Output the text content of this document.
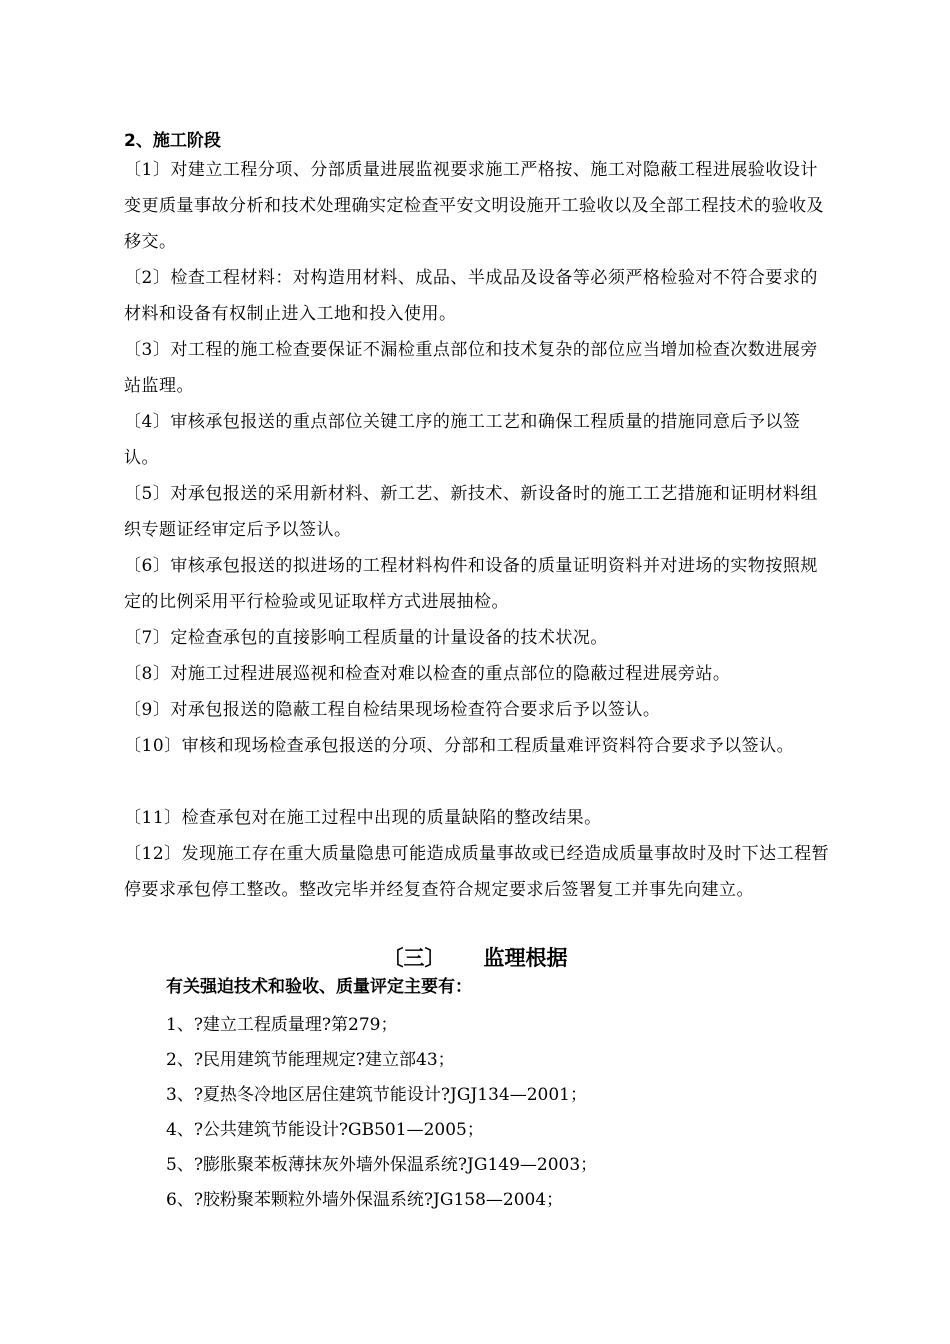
2、施工阶段
〔1〕对建立工程分项、分部质量进展监视要求施工严格按、施工对隐蔽工程进展验收设计变更质量事故分析和技术处理确实定检查平安文明设施开工验收以及全部工程技术的验收及移交。
〔2〕检查工程材料：对构造用材料、成品、半成品及设备等必须严格检验对不符合要求的材料和设备有权制止进入工地和投入使用。
〔3〕对工程的施工检查要保证不漏检重点部位和技术复杂的部位应当增加检查次数进展旁站监理。
〔4〕审核承包报送的重点部位关键工序的施工工艺和确保工程质量的措施同意后予以签认。
〔5〕对承包报送的采用新材料、新工艺、新技术、新设备时的施工工艺措施和证明材料组织专题证经审定后予以签认。
〔6〕审核承包报送的拟进场的工程材料构件和设备的质量证明资料并对进场的实物按照规定的比例采用平行检验或见证取样方式进展抽检。
〔7〕定检查承包的直接影响工程质量的计量设备的技术状况。
〔8〕对施工过程进展巡视和检查对难以检查的重点部位的隐蔽过程进展旁站。
〔9〕对承包报送的隐蔽工程自检结果现场检查符合要求后予以签认。
〔10〕审核和现场检查承包报送的分项、分部和工程质量难评资料符合要求予以签认。
〔11〕检查承包对在施工过程中出现的质量缺陷的整改结果。
〔12〕发现施工存在重大质量隐患可能造成质量事故或已经造成质量事故时及时下达工程暂停要求承包停工整改。整改完毕并经复查符合规定要求后签署复工并事先向建立。
〔三〕 监理根据
有关强迫技术和验收、质量评定主要有：
1、?建立工程质量理?第279；
2、?民用建筑节能理规定?建立部43；
3、?夏热冬冷地区居住建筑节能设计?JGJ134—2001；
4、?公共建筑节能设计?GB501—2005；
5、?膨胀聚苯板薄抹灰外墙外保温系统?JG149—2003；
6、?胶粉聚苯颗粒外墙外保温系统?JG158—2004；
